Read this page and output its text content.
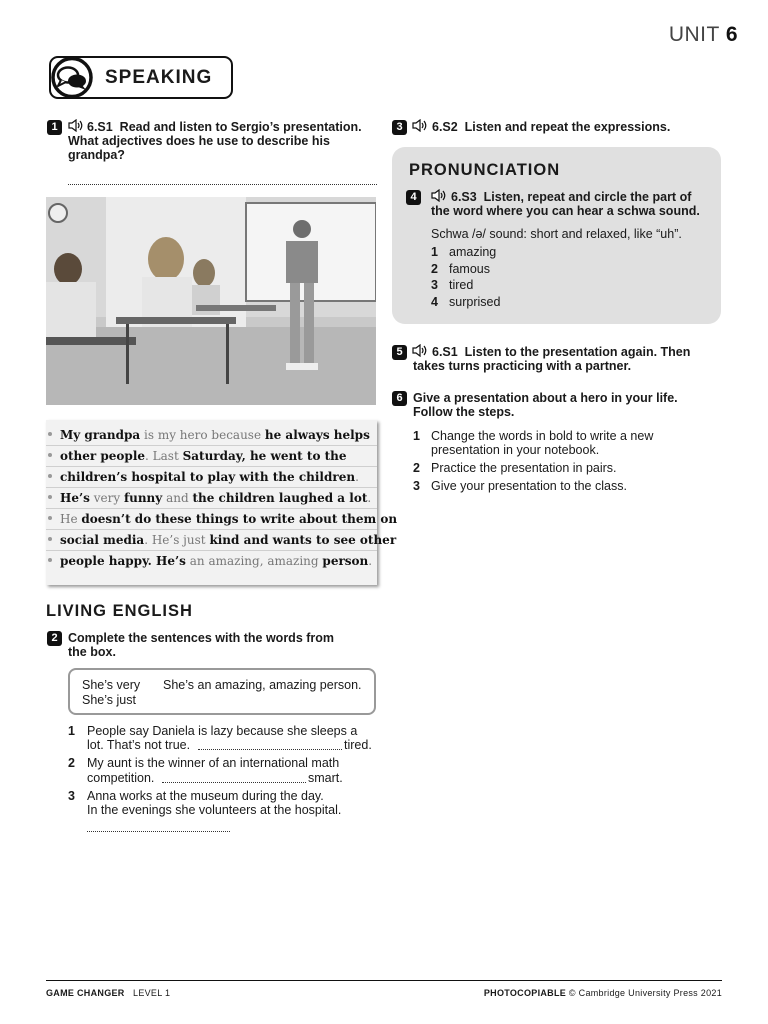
UNIT 6
SPEAKING
1	6.S1 Read and listen to Sergio’s presentation.
What adjectives does he use to describe his
grandpa?
My grandpa is my hero because he always helps
other people. Last Saturday, he went to the
children’s hospital to play with the children.
He’s very funny and the children laughed a lot.
He doesn’t do these things to write about them on
social media. He’s just kind and wants to see other
people happy. He’s an amazing, amazing person.
LIVING ENGLISH
2 Complete the sentences with the words from
the box.
She’s very
She’s just
She’s an amazing, amazing person.
1 People say Daniela is lazy because she sleeps a
lot. That’s not true.	tired.
2 My aunt is the winner of an international math
competition.	smart.
3 Anna works at the museum during the day.
In the evenings she volunteers at the hospital.
3	6.S2 Listen and repeat the expressions.
PRONUNCIATION
4	6.S3 Listen, repeat and circle the part of
the word where you can hear a schwa sound.
Schwa /ə/ sound: short and relaxed, like “uh”.
1 amazing
2 famous
3 tired
4 surprised
5	6.S1 Listen to the presentation again. Then
takes turns practicing with a partner.
6 Give a presentation about a hero in your life.
Follow the steps.
1 Change the words in bold to write a new
presentation in your notebook.
2 Practice the presentation in pairs.
3 Give your presentation to the class.
GAME CHANGER LEVEL 1	PHOTOCOPIABLE © Cambridge University Press 2021
